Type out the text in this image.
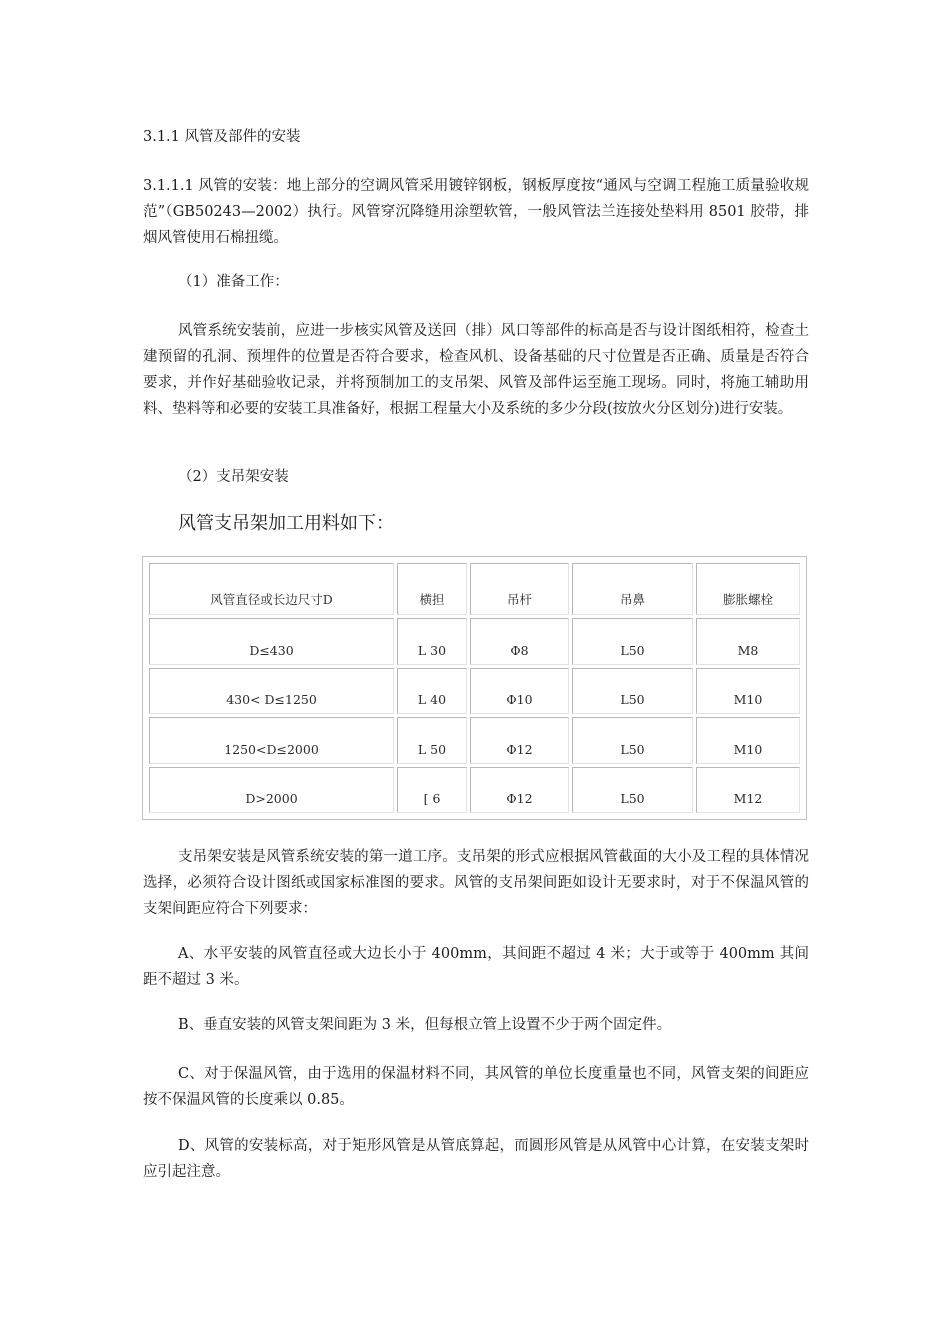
3.1.1 风管及部件的安装

3.1.1.1 风管的安装：地上部分的空调风管采用镀锌钢板，钢板厚度按“通风与空调工程施工质量验收规范”（GB50243—2002）执行。风管穿沉降缝用涂塑软管，一般风管法兰连接处垫料用 8501 胶带，排烟风管使用石棉扭缆。

（1）准备工作：

风管系统安装前，应进一步核实风管及送回（排）风口等部件的标高是否与设计图纸相符，检查土建预留的孔洞、预埋件的位置是否符合要求，检查风机、设备基础的尺寸位置是否正确、质量是否符合要求，并作好基础验收记录，并将预制加工的支吊架、风管及部件运至施工现场。同时，将施工辅助用料、垫料等和必要的安装工具准备好，根据工程量大小及系统的多少分段(按放火分区划分)进行安装。

（2）支吊架安装

风管支吊架加工用料如下：

风管直径或长边尺寸D	横担	吊杆	吊鼻	膨胀螺栓
D≤430	L 30	Φ8	L50	M8
430< D≤1250	L 40	Φ10	L50	M10
1250<D≤2000	L 50	Φ12	L50	M10
D>2000	[ 6	Φ12	L50	M12

支吊架安装是风管系统安装的第一道工序。支吊架的形式应根据风管截面的大小及工程的具体情况选择，必须符合设计图纸或国家标准图的要求。风管的支吊架间距如设计无要求时，对于不保温风管的支架间距应符合下列要求：

A、水平安装的风管直径或大边长小于 400mm，其间距不超过 4 米；大于或等于 400mm 其间距不超过 3 米。

B、垂直安装的风管支架间距为 3 米，但每根立管上设置不少于两个固定件。

C、对于保温风管，由于选用的保温材料不同，其风管的单位长度重量也不同，风管支架的间距应按不保温风管的长度乘以 0.85。

D、风管的安装标高，对于矩形风管是从管底算起，而圆形风管是从风管中心计算，在安装支架时应引起注意。
